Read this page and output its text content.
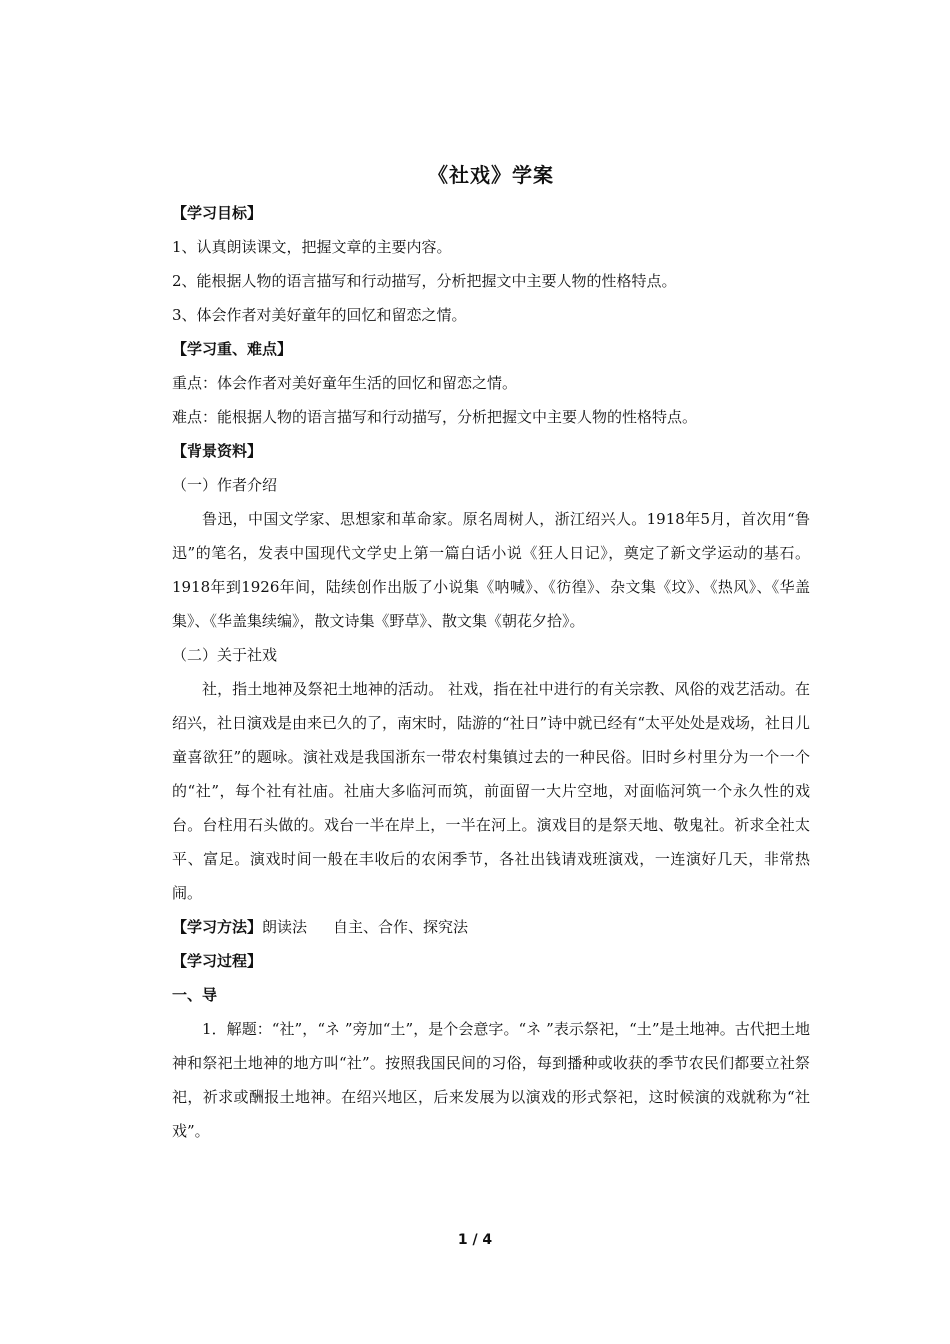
《社戏》学案

【学习目标】

1、认真朗读课文，把握文章的主要内容。

2、能根据人物的语言描写和行动描写，分析把握文中主要人物的性格特点。

3、体会作者对美好童年的回忆和留恋之情。

【学习重、难点】

重点：体会作者对美好童年生活的回忆和留恋之情。

难点：能根据人物的语言描写和行动描写，分析把握文中主要人物的性格特点。

【背景资料】

（一）作者介绍

鲁迅，中国文学家、思想家和革命家。原名周树人，浙江绍兴人。1918年5月，首次用“鲁迅”的笔名，发表中国现代文学史上第一篇白话小说《狂人日记》，奠定了新文学运动的基石。1918年到1926年间，陆续创作出版了小说集《呐喊》、《彷徨》、杂文集《坟》、《热风》、《华盖集》、《华盖集续编》，散文诗集《野草》、散文集《朝花夕拾》。

（二）关于社戏

社，指土地神及祭祀土地神的活动。 社戏，指在社中进行的有关宗教、风俗的戏艺活动。在绍兴，社日演戏是由来已久的了，南宋时，陆游的“社日”诗中就已经有“太平处处是戏场，社日儿童喜欲狂”的题咏。演社戏是我国浙东一带农村集镇过去的一种民俗。旧时乡村里分为一个一个的“社”，每个社有社庙。社庙大多临河而筑，前面留一大片空地，对面临河筑一个永久性的戏台。台柱用石头做的。戏台一半在岸上，一半在河上。演戏目的是祭天地、敬鬼社。祈求全社太平、富足。演戏时间一般在丰收后的农闲季节，各社出钱请戏班演戏，一连演好几天，非常热闹。

【学习方法】朗读法 自主、合作、探究法

【学习过程】

一、导

1．解题：“社”，“ネ ”旁加“土”，是个会意字。“ネ ”表示祭祀，“土”是土地神。古代把土地神和祭祀土地神的地方叫“社”。按照我国民间的习俗，每到播种或收获的季节农民们都要立社祭祀，祈求或酬报土地神。在绍兴地区，后来发展为以演戏的形式祭祀，这时候演的戏就称为“社戏”。

1 / 4
